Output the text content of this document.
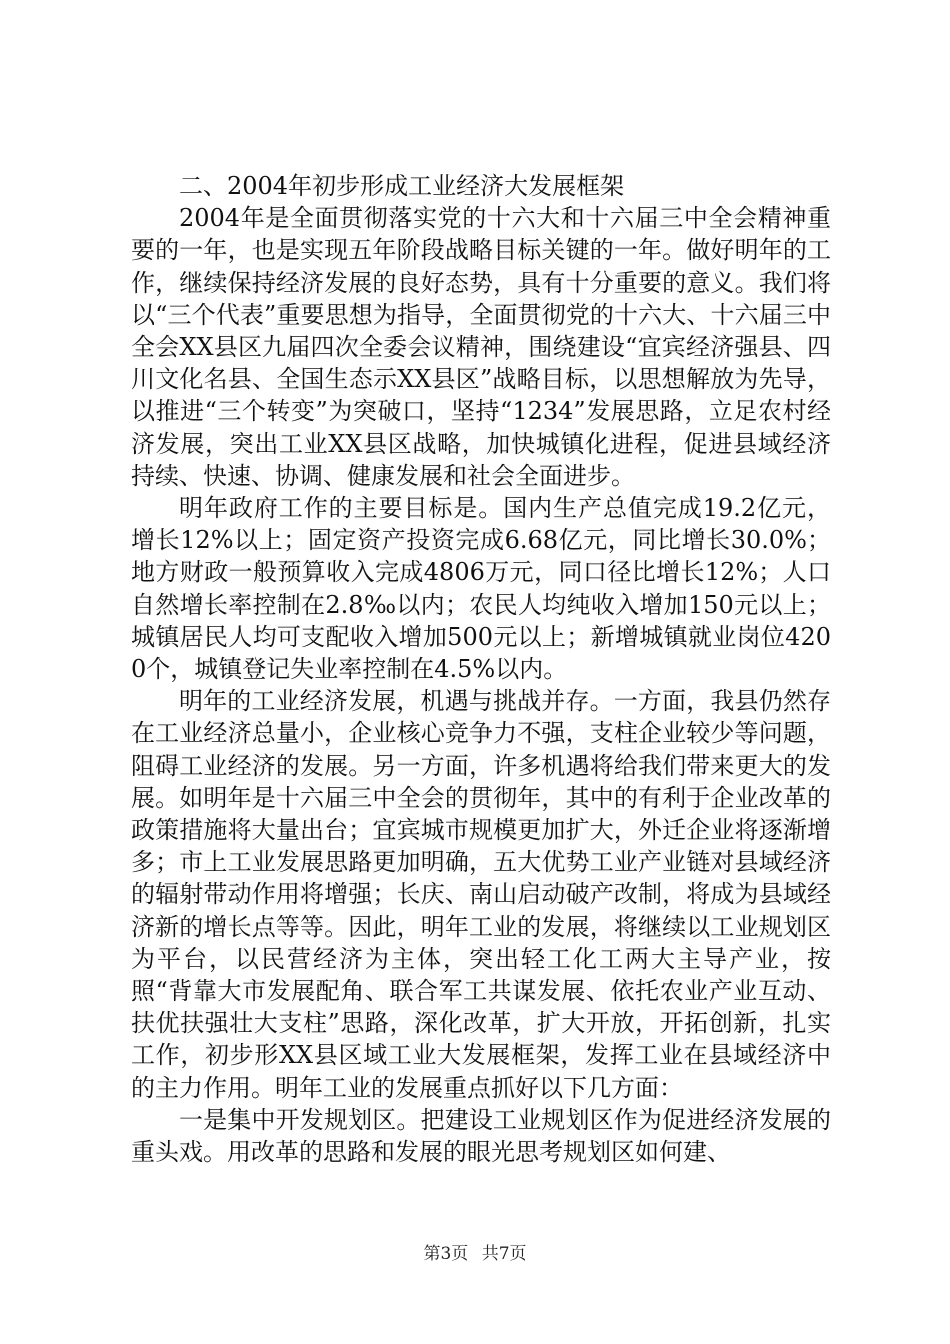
二、2004年初步形成工业经济大发展框架

2004年是全面贯彻落实党的十六大和十六届三中全会精神重要的一年，也是实现五年阶段战略目标关键的一年。做好明年的工作，继续保持经济发展的良好态势，具有十分重要的意义。我们将以“三个代表”重要思想为指导，全面贯彻党的十六大、十六届三中全会XX县区九届四次全委会议精神，围绕建设“宜宾经济强县、四川文化名县、全国生态示XX县区”战略目标，以思想解放为先导，以推进“三个转变”为突破口，坚持“1234”发展思路，立足农村经济发展，突出工业XX县区战略，加快城镇化进程，促进县域经济持续、快速、协调、健康发展和社会全面进步。

明年政府工作的主要目标是。国内生产总值完成19.2亿元，增长12%以上；固定资产投资完成6.68亿元，同比增长30.0%；地方财政一般预算收入完成4806万元，同口径比增长12%；人口自然增长率控制在2.8‰以内；农民人均纯收入增加150元以上；城镇居民人均可支配收入增加500元以上；新增城镇就业岗位4200个，城镇登记失业率控制在4.5%以内。

明年的工业经济发展，机遇与挑战并存。一方面，我县仍然存在工业经济总量小，企业核心竞争力不强，支柱企业较少等问题，阻碍工业经济的发展。另一方面，许多机遇将给我们带来更大的发展。如明年是十六届三中全会的贯彻年，其中的有利于企业改革的政策措施将大量出台；宜宾城市规模更加扩大，外迁企业将逐渐增多；市上工业发展思路更加明确，五大优势工业产业链对县域经济的辐射带动作用将增强；长庆、南山启动破产改制，将成为县域经济新的增长点等等。因此，明年工业的发展，将继续以工业规划区为平台，以民营经济为主体，突出轻工化工两大主导产业，按照“背靠大市发展配角、联合军工共谋发展、依托农业产业互动、扶优扶强壮大支柱”思路，深化改革，扩大开放，开拓创新，扎实工作，初步形XX县区域工业大发展框架，发挥工业在县域经济中的主力作用。明年工业的发展重点抓好以下几方面：

一是集中开发规划区。把建设工业规划区作为促进经济发展的重头戏。用改革的思路和发展的眼光思考规划区如何建、

第3页 共7页
